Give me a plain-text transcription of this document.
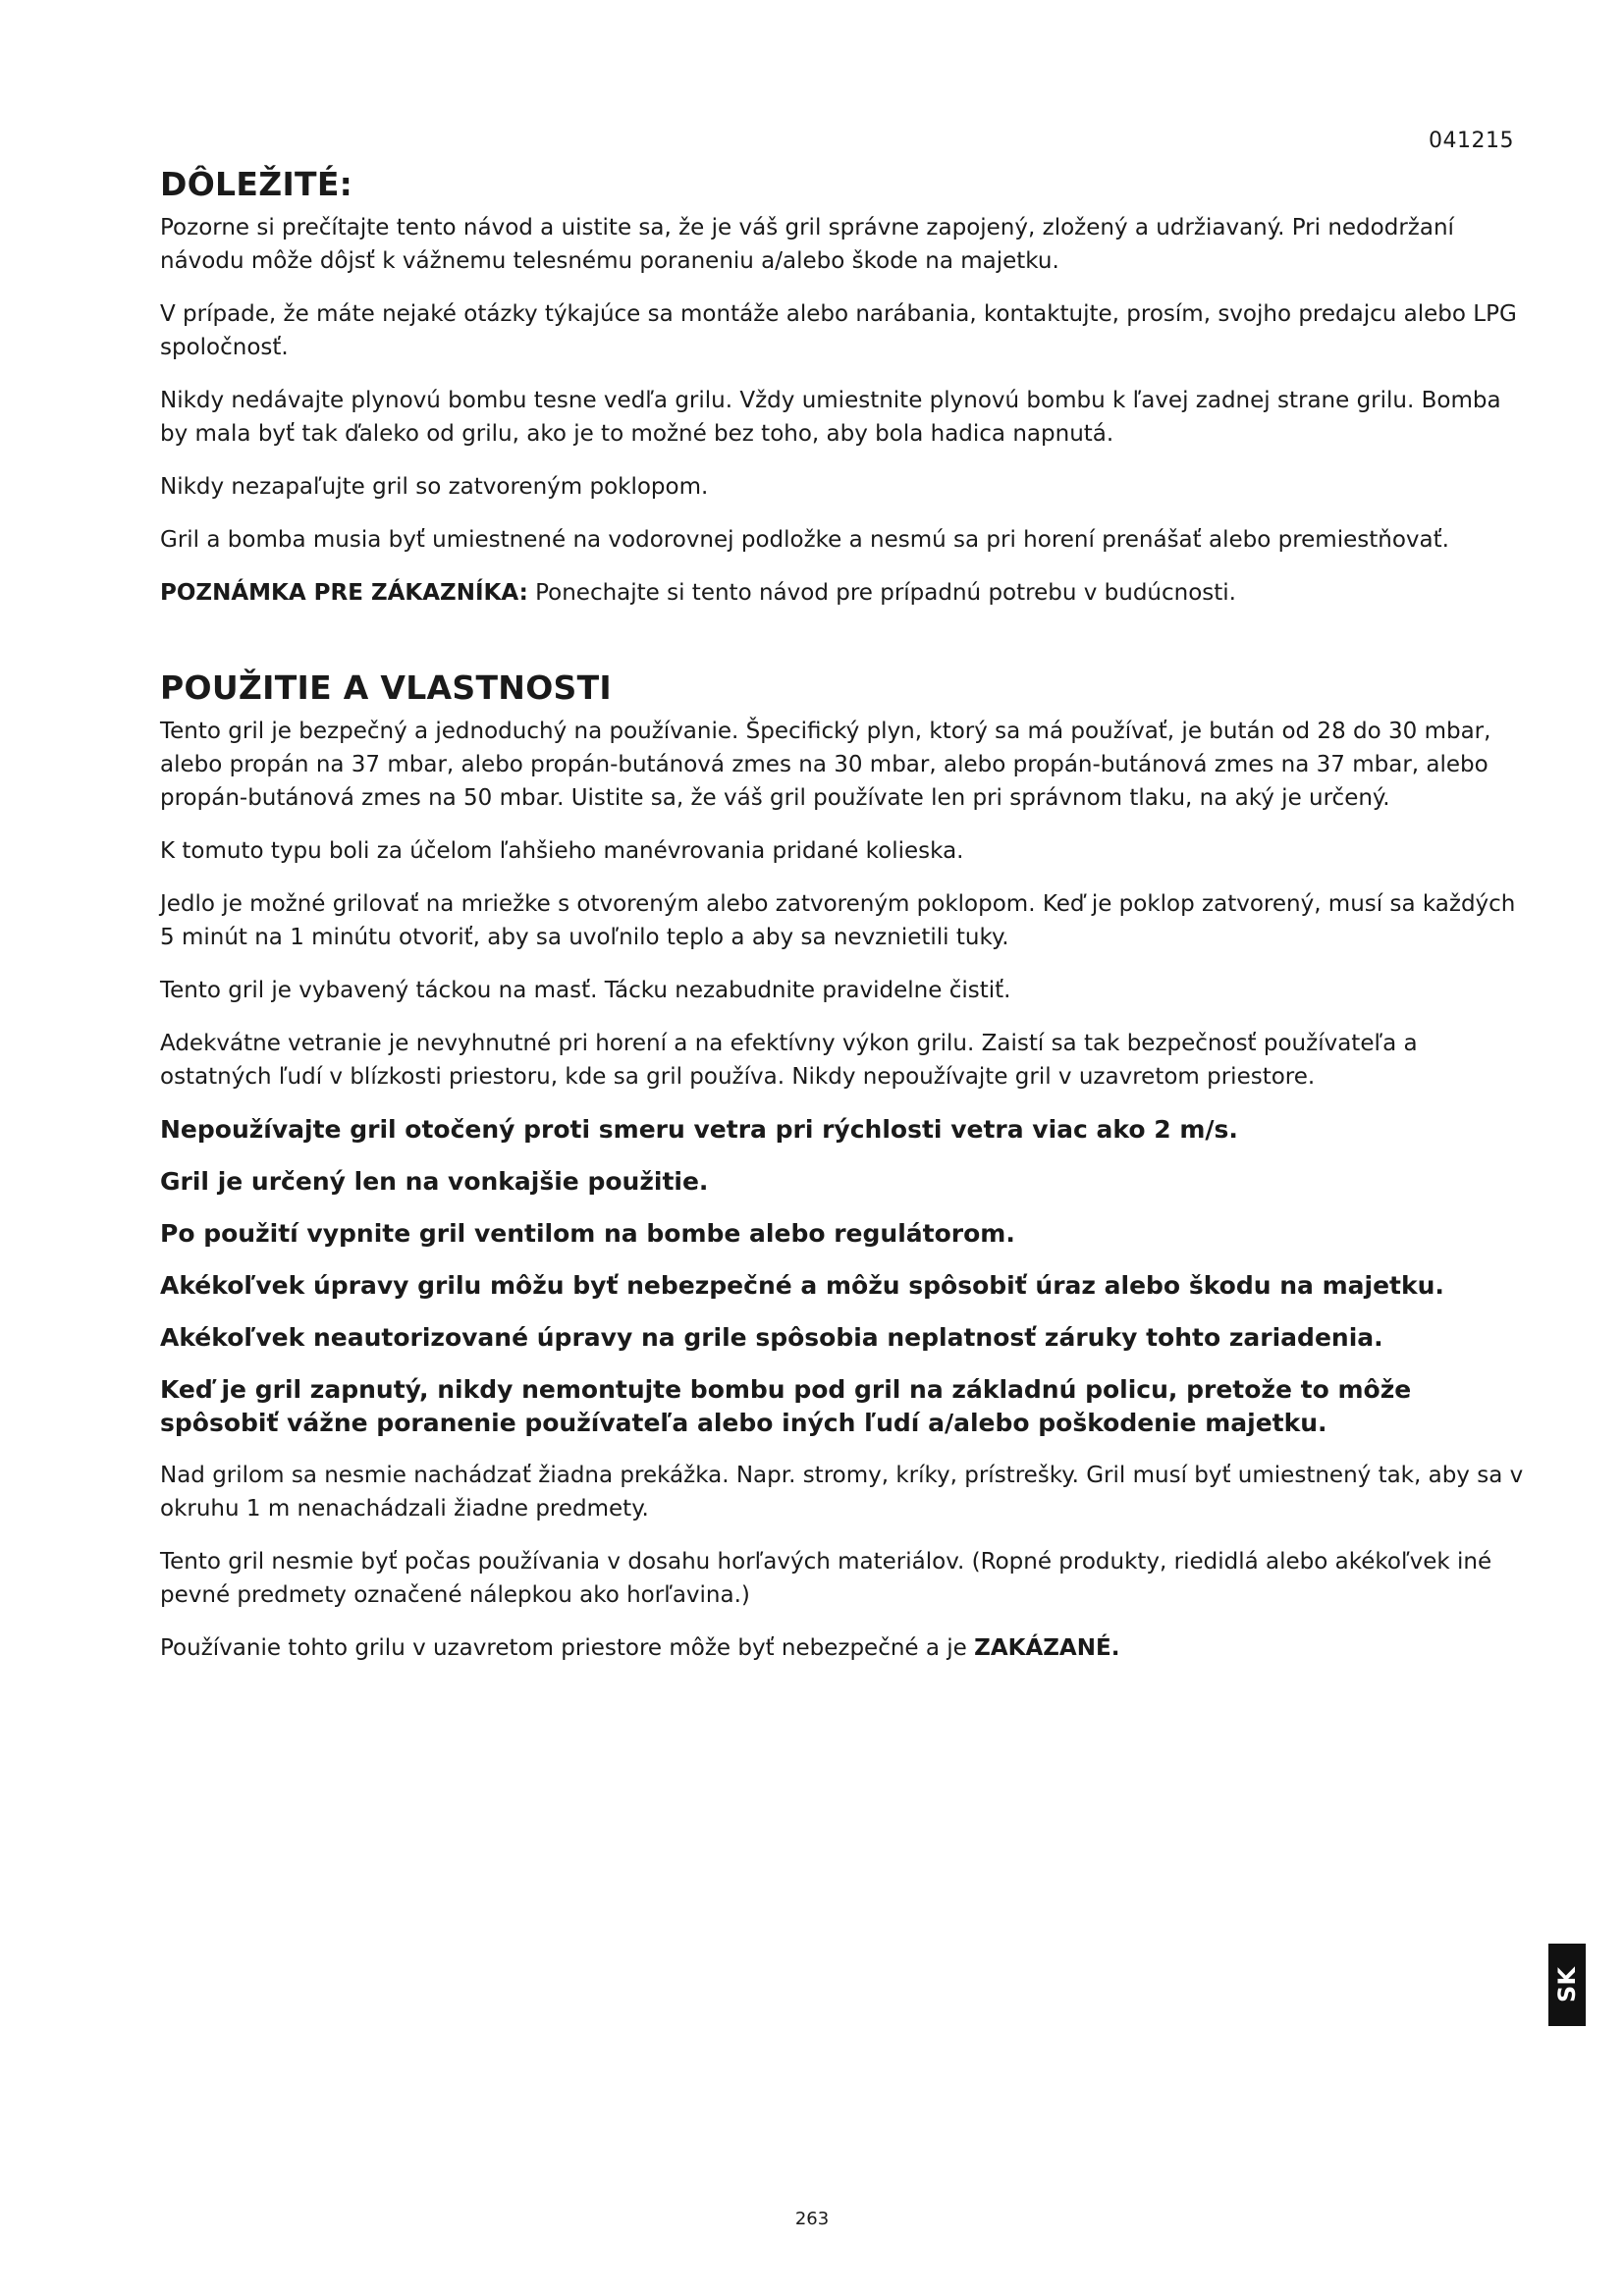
041215
DÔLEŽITÉ:

Pozorne si prečítajte tento návod a uistite sa, že je váš gril správne zapojený, zložený a udržiavaný. Pri nedodržaní návodu môže dôjsť k vážnemu telesnému poraneniu a/alebo škode na majetku.

V prípade, že máte nejaké otázky týkajúce sa montáže alebo narábania, kontaktujte, prosím, svojho predajcu alebo LPG spoločnosť.

Nikdy nedávajte plynovú bombu tesne vedľa grilu. Vždy umiestnite plynovú bombu k ľavej zadnej strane grilu. Bomba by mala byť tak ďaleko od grilu, ako je to možné bez toho, aby bola hadica napnutá.

Nikdy nezapaľujte gril so zatvoreným poklopom.

Gril a bomba musia byť umiestnené na vodorovnej podložke a nesmú sa pri horení prenášať alebo premiestňovať.

POZNÁMKA PRE ZÁKAZNÍKA: Ponechajte si tento návod pre prípadnú potrebu v budúcnosti.

POUŽITIE A VLASTNOSTI

Tento gril je bezpečný a jednoduchý na používanie. Špecifický plyn, ktorý sa má používať, je bután od 28 do 30 mbar, alebo propán na 37 mbar, alebo propán-butánová zmes na 30 mbar, alebo propán-butánová zmes na 37 mbar, alebo propán-butánová zmes na 50 mbar. Uistite sa, že váš gril používate len pri správnom tlaku, na aký je určený.

K tomuto typu boli za účelom ľahšieho manévrovania pridané kolieska.

Jedlo je možné grilovať na mriežke s otvoreným alebo zatvoreným poklopom. Keď je poklop zatvorený, musí sa každých 5 minút na 1 minútu otvoriť, aby sa uvoľnilo teplo a aby sa nevznietili tuky.

Tento gril je vybavený táckou na masť. Tácku nezabudnite pravidelne čistiť.

Adekvátne vetranie je nevyhnutné pri horení a na efektívny výkon grilu. Zaistí sa tak bezpečnosť používateľa a ostatných ľudí v blízkosti priestoru, kde sa gril používa. Nikdy nepoužívajte gril v uzavretom priestore.

Nepoužívajte gril otočený proti smeru vetra pri rýchlosti vetra viac ako 2 m/s.

Gril je určený len na vonkajšie použitie.

Po použití vypnite gril ventilom na bombe alebo regulátorom.

Akékoľvek úpravy grilu môžu byť nebezpečné a môžu spôsobiť úraz alebo škodu na majetku.

Akékoľvek neautorizované úpravy na grile spôsobia neplatnosť záruky tohto zariadenia.

Keď je gril zapnutý, nikdy nemontujte bombu pod gril na základnú policu, pretože to môže spôsobiť vážne poranenie používateľa alebo iných ľudí a/alebo poškodenie majetku.

Nad grilom sa nesmie nachádzať žiadna prekážka. Napr. stromy, kríky, prístrešky. Gril musí byť umiestnený tak, aby sa v okruhu 1 m nenachádzali žiadne predmety.

Tento gril nesmie byť počas používania v dosahu horľavých materiálov. (Ropné produkty, riedidlá alebo akékoľvek iné pevné predmety označené nálepkou ako horľavina.)

Používanie tohto grilu v uzavretom priestore môže byť nebezpečné a je ZAKÁZANÉ.

SK
263
